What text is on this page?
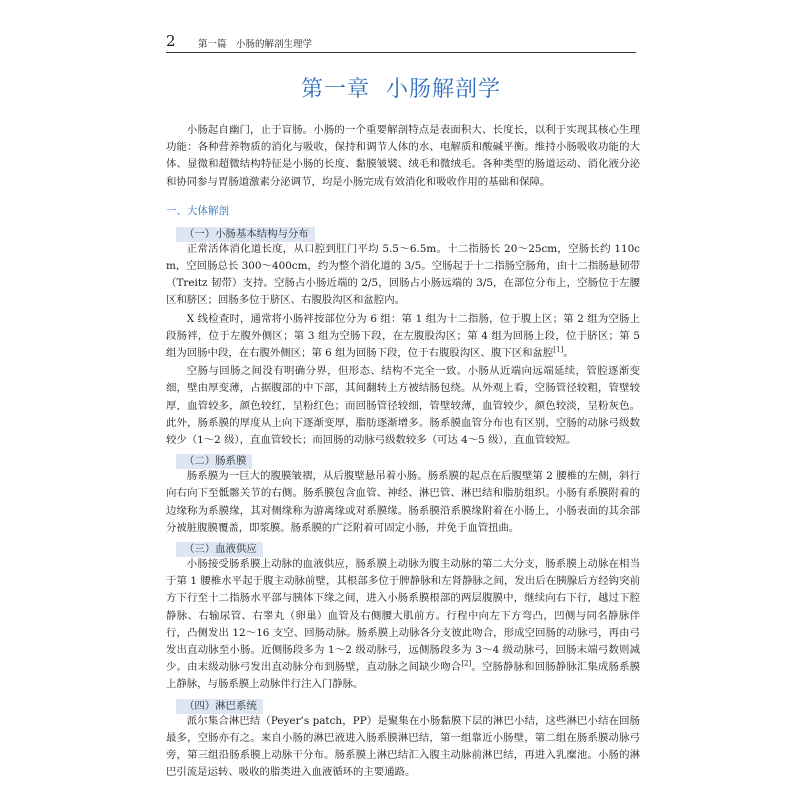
2 第一篇　小肠的解剖生理学
第一章 小肠解剖学

小肠起自幽门，止于盲肠。小肠的一个重要解剖特点是表面积大、长度长，以利于实现其核心生理功能：各种营养物质的消化与吸收，保持和调节人体的水、电解质和酸碱平衡。维持小肠吸收功能的大体、显微和超微结构特征是小肠的长度、黏膜皱襞、绒毛和微绒毛。各种类型的肠道运动、消化液分泌和协同参与胃肠道激素分泌调节，均是小肠完成有效消化和吸收作用的基础和保障。

一、大体解剖
（一）小肠基本结构与分布

正常活体消化道长度，从口腔到肛门平均 5.5～6.5m。十二指肠长 20～25cm，空肠长约 110cm，空回肠总长 300～400cm，约为整个消化道的 3/5。空肠起于十二指肠空肠角，由十二指肠悬韧带（Treitz 韧带）支持。空肠占小肠近端的 2/5，回肠占小肠远端的 3/5，在部位分布上，空肠位于左腰区和脐区；回肠多位于脐区、右腹股沟区和盆腔内。

X 线检查时，通常将小肠袢按部位分为 6 组：第 1 组为十二指肠，位于腹上区；第 2 组为空肠上段肠袢，位于左腹外侧区；第 3 组为空肠下段，在左腹股沟区；第 4 组为回肠上段，位于脐区；第 5 组为回肠中段，在右腹外侧区；第 6 组为回肠下段，位于右腹股沟区、腹下区和盆腔[1]。

空肠与回肠之间没有明确分界，但形态、结构不完全一致。小肠从近端向远端延续，管腔逐渐变细，壁由厚变薄，占据腹部的中下部，其间翻转上方被结肠包绕。从外观上看，空肠管径较粗，管壁较厚，血管较多，颜色较红，呈粉红色；而回肠管径较细，管壁较薄，血管较少，颜色较淡，呈粉灰色。此外，肠系膜的厚度从上向下逐渐变厚，脂肪逐渐增多。肠系膜血管分布也有区别，空肠的动脉弓级数较少（1～2 级），直血管较长；而回肠的动脉弓级数较多（可达 4～5 级），直血管较短。

（二）肠系膜

肠系膜为一巨大的腹膜皱褶，从后腹壁悬吊着小肠。肠系膜的起点在后腹壁第 2 腰椎的左侧，斜行向右向下至骶髂关节的右侧。肠系膜包含血管、神经、淋巴管、淋巴结和脂肪组织。小肠有系膜附着的边缘称为系膜缘，其对侧缘称为游离缘或对系膜缘。肠系膜沿系膜缘附着在小肠上，小肠表面的其余部分被脏腹膜覆盖，即浆膜。肠系膜的广泛附着可固定小肠，并免于血管扭曲。

（三）血液供应

小肠接受肠系膜上动脉的血液供应，肠系膜上动脉为腹主动脉的第二大分支，肠系膜上动脉在相当于第 1 腰椎水平起于腹主动脉前壁，其根部多位于脾静脉和左肾静脉之间，发出后在胰腺后方经钩突前方下行至十二指肠水平部与胰体下缘之间，进入小肠系膜根部的两层腹膜中，继续向右下行，越过下腔静脉、右输尿管、右睾丸（卵巢）血管及右侧腰大肌前方。行程中向左下方弯凸，凹侧与同名静脉伴行，凸侧发出 12～16 支空、回肠动脉。肠系膜上动脉各分支彼此吻合，形成空回肠的动脉弓，再由弓发出直动脉至小肠。近侧肠段多为 1～2 级动脉弓，远侧肠段多为 3～4 级动脉弓，回肠末端弓数则减少。由末级动脉弓发出直动脉分布到肠壁，直动脉之间缺少吻合[2]。空肠静脉和回肠静脉汇集成肠系膜上静脉，与肠系膜上动脉伴行注入门静脉。

（四）淋巴系统

派尔集合淋巴结（Peyer’s patch，PP）是聚集在小肠黏膜下层的淋巴小结，这些淋巴小结在回肠最多，空肠亦有之。来自小肠的淋巴液进入肠系膜淋巴结，第一组靠近小肠壁，第二组在肠系膜动脉弓旁，第三组沿肠系膜上动脉干分布。肠系膜上淋巴结汇入腹主动脉前淋巴结，再进入乳糜池。小肠的淋巴引流是运转、吸收的脂类进入血液循环的主要通路。
